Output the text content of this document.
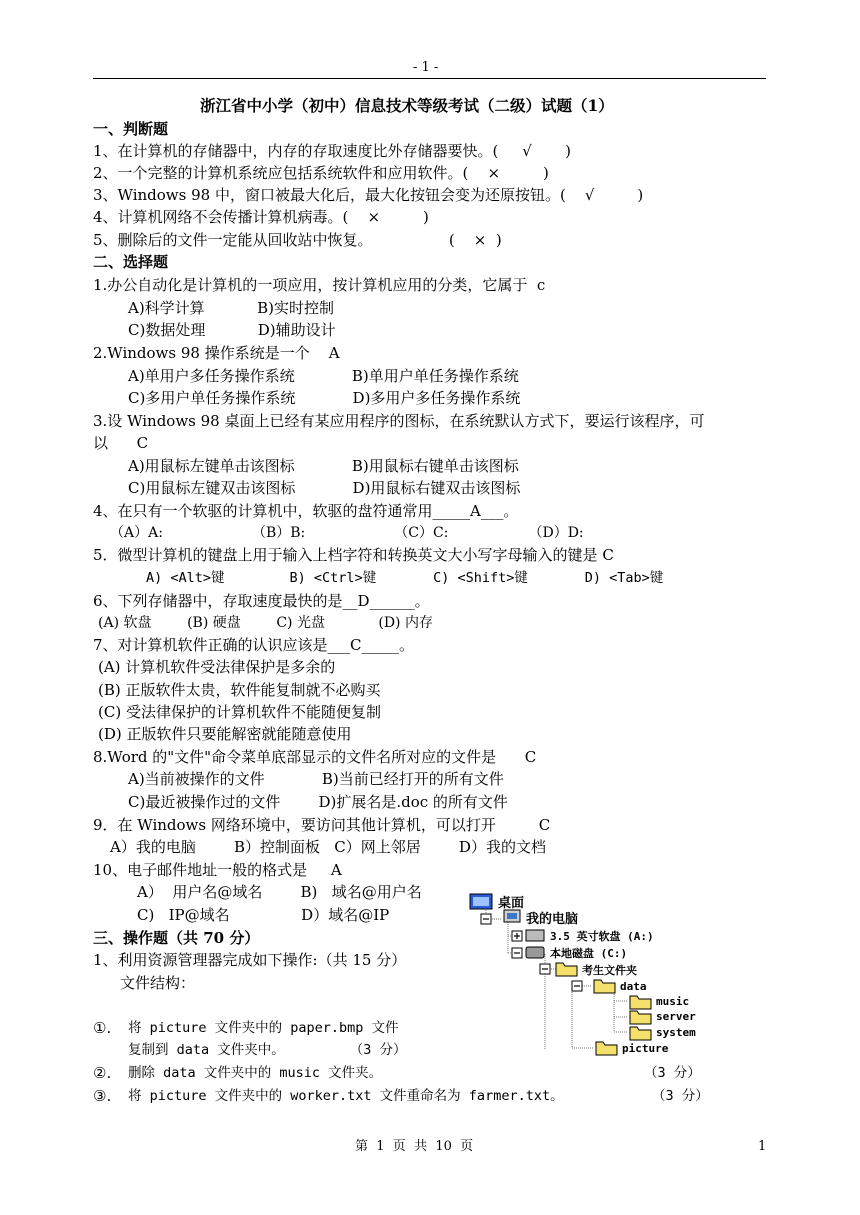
- 1 -
浙江省中小学（初中）信息技术等级考试（二级）试题（1）
一、判断题
1、在计算机的存储器中，内存的存取速度比外存储器要快。(     √       )
2、一个完整的计算机系统应包括系统软件和应用软件。(    ×         )
3、Windows 98 中，窗口被最大化后，最大化按钮会变为还原按钮。(    √         )
4、计算机网络不会传播计算机病毒。(    ×         )
5、删除后的文件一定能从回收站中恢复。                (    ×  )
二、选择题
1.办公自动化是计算机的一项应用，按计算机应用的分类，它属于  c
A)科学计算           B)实时控制
C)数据处理           D)辅助设计
2.Windows 98 操作系统是一个    A
A)单用户多任务操作系统            B)单用户单任务操作系统
C)多用户单任务操作系统            D)多用户多任务操作系统
3.设 Windows 98 桌面上已经有某应用程序的图标，在系统默认方式下，要运行该程序，可
以      C
A)用鼠标左键单击该图标            B)用鼠标右键单击该图标
C)用鼠标左键双击该图标            D)用鼠标右键双击该图标
4、在只有一个软驱的计算机中，软驱的盘符通常用_____A___。
（A）A:                    （B）B:                    （C）C:                  （D）D:
5．微型计算机的键盘上用于输入上档字符和转换英文大小写字母输入的键是 C
A) <Alt>键        B) <Ctrl>键       C) <Shift>键       D) <Tab>键
6、下列存储器中，存取速度最快的是__D______。
(A) 软盘        (B) 硬盘        C) 光盘            (D) 内存
7、对计算机软件正确的认识应该是___C_____。
(A) 计算机软件受法律保护是多余的
(B) 正版软件太贵，软件能复制就不必购买
(C) 受法律保护的计算机软件不能随便复制
(D) 正版软件只要能解密就能随意使用
8.Word 的"文件"命令菜单底部显示的文件名所对应的文件是      C
A)当前被操作的文件            B)当前已经打开的所有文件
C)最近被操作过的文件        D)扩展名是.doc 的所有文件
9．在 Windows 网络环境中，要访问其他计算机，可以打开         C
A）我的电脑        B）控制面板   C）网上邻居        D）我的文档
10、电子邮件地址一般的格式是     A
A）  用户名@域名        B)   域名@用户名
C)   IP@域名               D）域名@IP
三、操作题（共 70 分）
1、利用资源管理器完成如下操作:（共 15 分）
文件结构：
①. 将 picture 文件夹中的 paper.bmp 文件
复制到 data 文件夹中。        （3 分）
②. 删除 data 文件夹中的 music 文件夹。	（3 分）
③. 将 picture 文件夹中的 worker.txt 文件重命名为 farmer.txt。	（3 分）
桌面
我的电脑
3.5 英寸软盘 (A:)
本地磁盘 (C:)
考生文件夹
data
music
server
system
picture
第  1  页  共  10  页	1
